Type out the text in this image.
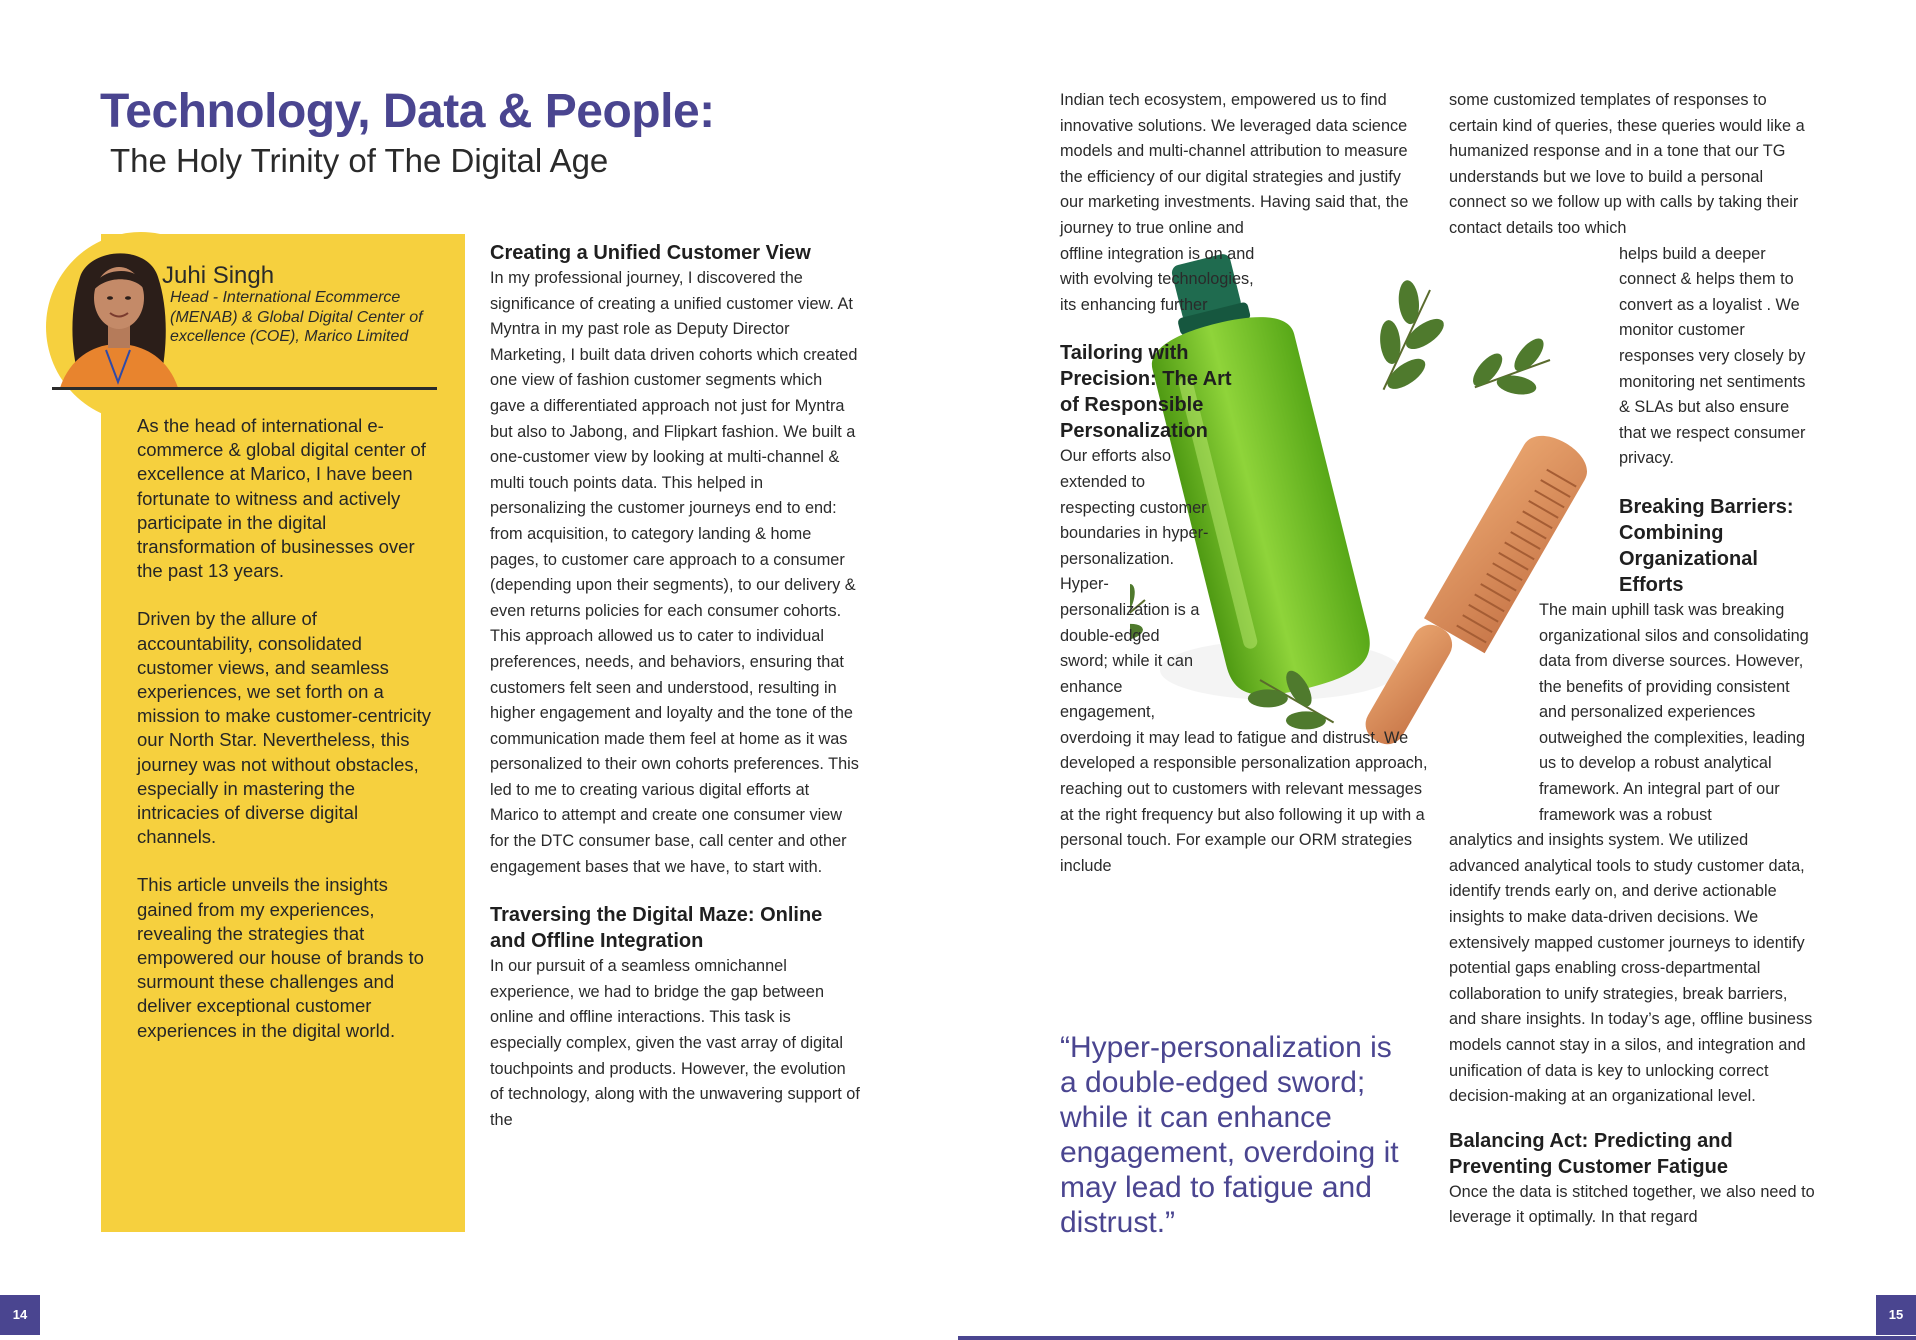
Technology, Data & People:
The Holy Trinity of The Digital Age
Juhi Singh
Head - International Ecommerce (MENAB) & Global Digital Center of excellence (COE), Marico Limited

As the head of international e-commerce & global digital center of excellence at Marico, I have been fortunate to witness and actively participate in the digital transformation of businesses over the past 13 years.

Driven by the allure of accountability, consolidated customer views, and seamless experiences, we set forth on a mission to make customer-centricity our North Star. Nevertheless, this journey was not without obstacles, especially in mastering the intricacies of diverse digital channels.

This article unveils the insights gained from my experiences, revealing the strategies that empowered our house of brands to surmount these challenges and deliver exceptional customer experiences in the digital world.

Creating a Unified Customer View
In my professional journey, I discovered the significance of creating a unified customer view. At Myntra in my past role as Deputy Director Marketing, I built data driven cohorts which created one view of fashion customer segments which gave a differentiated approach not just for Myntra but also to Jabong, and Flipkart fashion. We built a one-customer view by looking at multi-channel & multi touch points data. This helped in personalizing the customer journeys end to end: from acquisition, to category landing & home pages, to customer care approach to a consumer (depending upon their segments), to our delivery & even returns policies for each consumer cohorts. This approach allowed us to cater to individual preferences, needs, and behaviors, ensuring that customers felt seen and understood, resulting in higher engagement and loyalty and the tone of the communication made them feel at home as it was personalized to their own cohorts preferences. This led to me to creating various digital efforts at Marico to attempt and create one consumer view for the DTC consumer base, call center and other engagement bases that we have, to start with.
Traversing the Digital Maze: Online and Offline Integration
In our pursuit of a seamless omnichannel experience, we had to bridge the gap between online and offline interactions. This task is especially complex, given the vast array of digital touchpoints and products. However, the evolution of technology, along with the unwavering support of the
Indian tech ecosystem, empowered us to find innovative solutions. We leveraged data science models and multi-channel attribution to measure the efficiency of our digital strategies and justify our marketing investments. Having said that, the
journey to true online and offline integration is on and with evolving technologies, its enhancing further
Tailoring with Precision: The Art of Responsible Personalization
Our efforts also extended to respecting customer boundaries in hyper-personalization. Hyper-personalization is a double-edged sword; while it can enhance engagement,
overdoing it may lead to fatigue and distrust. We developed a responsible personalization approach, reaching out to customers with relevant messages at the right frequency but also following it up with a personal touch. For example our ORM strategies include
“Hyper-personalization is a double-edged sword; while it can enhance engagement, overdoing it may lead to fatigue and distrust.”
some customized templates of responses to certain kind of queries, these queries would like a humanized response and in a tone that our TG understands but we love to build a personal connect so we follow up with calls by taking their contact details too which
helps build a deeper connect & helps them to convert as a loyalist . We monitor customer responses very closely by monitoring net sentiments & SLAs but also ensure that we respect consumer privacy.
Breaking Barriers: Combining Organizational Efforts
The main uphill task was breaking organizational silos and consolidating data from diverse sources. However, the benefits of providing consistent and personalized experiences outweighed the complexities, leading us to develop a robust analytical framework. An integral part of our framework was a robust
analytics and insights system. We utilized advanced analytical tools to study customer data, identify trends early on, and derive actionable insights to make data-driven decisions. We extensively mapped customer journeys to identify potential gaps enabling cross-departmental collaboration to unify strategies, break barriers, and share insights. In today’s age, offline business models cannot stay in a silos, and integration and unification of data is key to unlocking correct decision-making at an organizational level.
Balancing Act: Predicting and Preventing Customer Fatigue
Once the data is stitched together, we also need to leverage it optimally. In that regard
14	15
